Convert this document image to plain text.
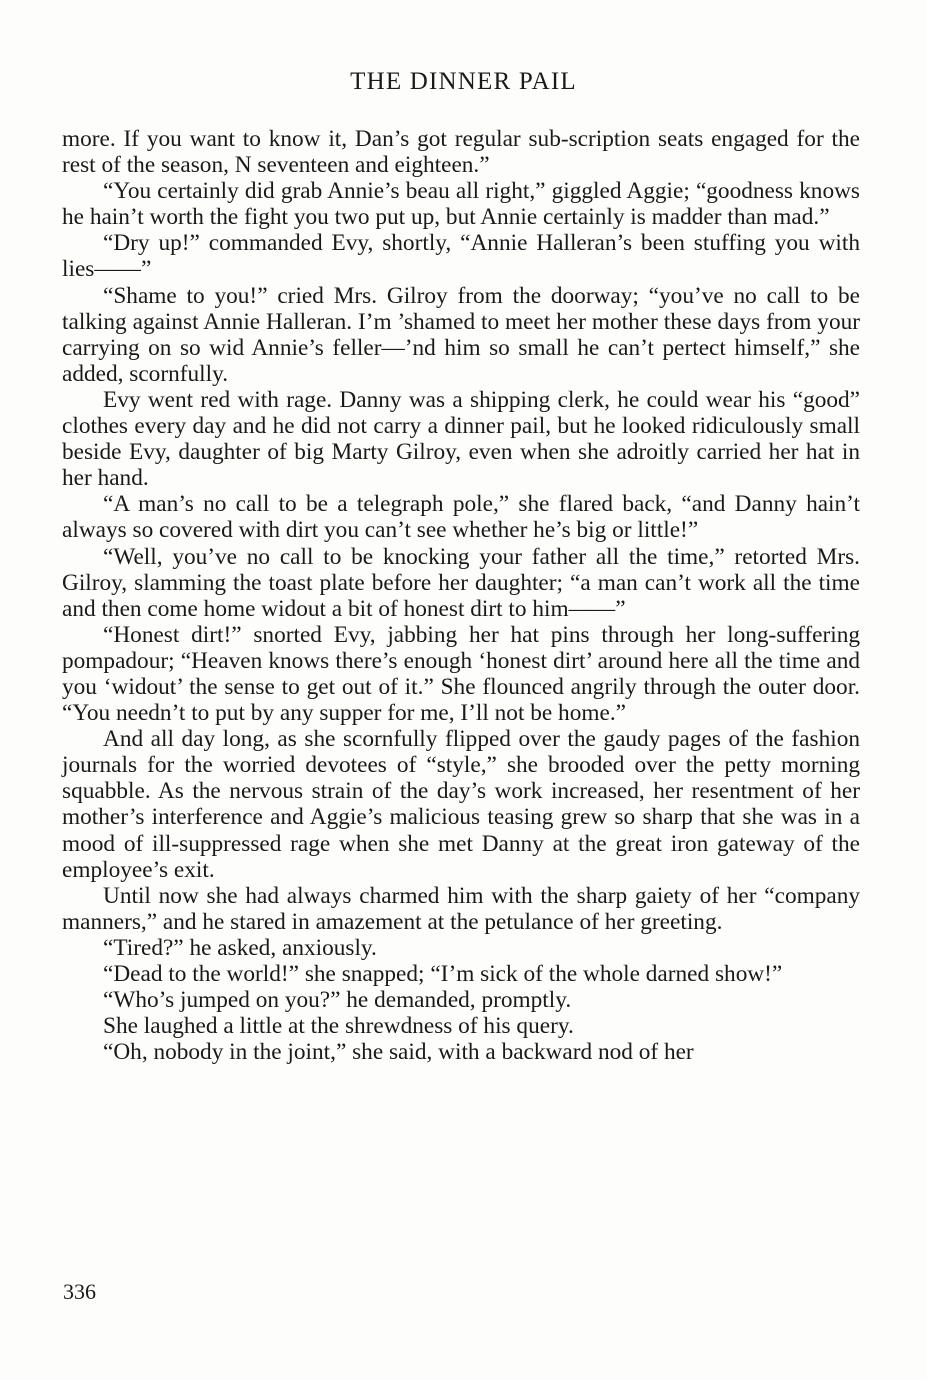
THE DINNER PAIL

more. If you want to know it, Dan’s got regular sub-scription seats engaged for the rest of the season, N seventeen and eighteen.”

“You certainly did grab Annie’s beau all right,” giggled Aggie; “goodness knows he hain’t worth the fight you two put up, but Annie certainly is madder than mad.”

“Dry up!” commanded Evy, shortly, “Annie Halleran’s been stuffing you with lies——”

“Shame to you!” cried Mrs. Gilroy from the doorway; “you’ve no call to be talking against Annie Halleran. I’m ’shamed to meet her mother these days from your carrying on so wid Annie’s feller—’nd him so small he can’t pertect himself,” she added, scornfully.

Evy went red with rage. Danny was a shipping clerk, he could wear his “good” clothes every day and he did not carry a dinner pail, but he looked ridiculously small beside Evy, daughter of big Marty Gilroy, even when she adroitly carried her hat in her hand.

“A man’s no call to be a telegraph pole,” she flared back, “and Danny hain’t always so covered with dirt you can’t see whether he’s big or little!”

“Well, you’ve no call to be knocking your father all the time,” retorted Mrs. Gilroy, slamming the toast plate before her daughter; “a man can’t work all the time and then come home widout a bit of honest dirt to him——”

“Honest dirt!” snorted Evy, jabbing her hat pins through her long-suffering pompadour; “Heaven knows there’s enough ‘honest dirt’ around here all the time and you ‘widout’ the sense to get out of it.” She flounced angrily through the outer door. “You needn’t to put by any supper for me, I’ll not be home.”

And all day long, as she scornfully flipped over the gaudy pages of the fashion journals for the worried devotees of “style,” she brooded over the petty morning squabble. As the nervous strain of the day’s work increased, her resentment of her mother’s interference and Aggie’s malicious teasing grew so sharp that she was in a mood of ill-suppressed rage when she met Danny at the great iron gateway of the employee’s exit.

Until now she had always charmed him with the sharp gaiety of her “company manners,” and he stared in amazement at the petulance of her greeting.

“Tired?” he asked, anxiously.

“Dead to the world!” she snapped; “I’m sick of the whole darned show!”

“Who’s jumped on you?” he demanded, promptly.

She laughed a little at the shrewdness of his query.

“Oh, nobody in the joint,” she said, with a backward nod of her

336
